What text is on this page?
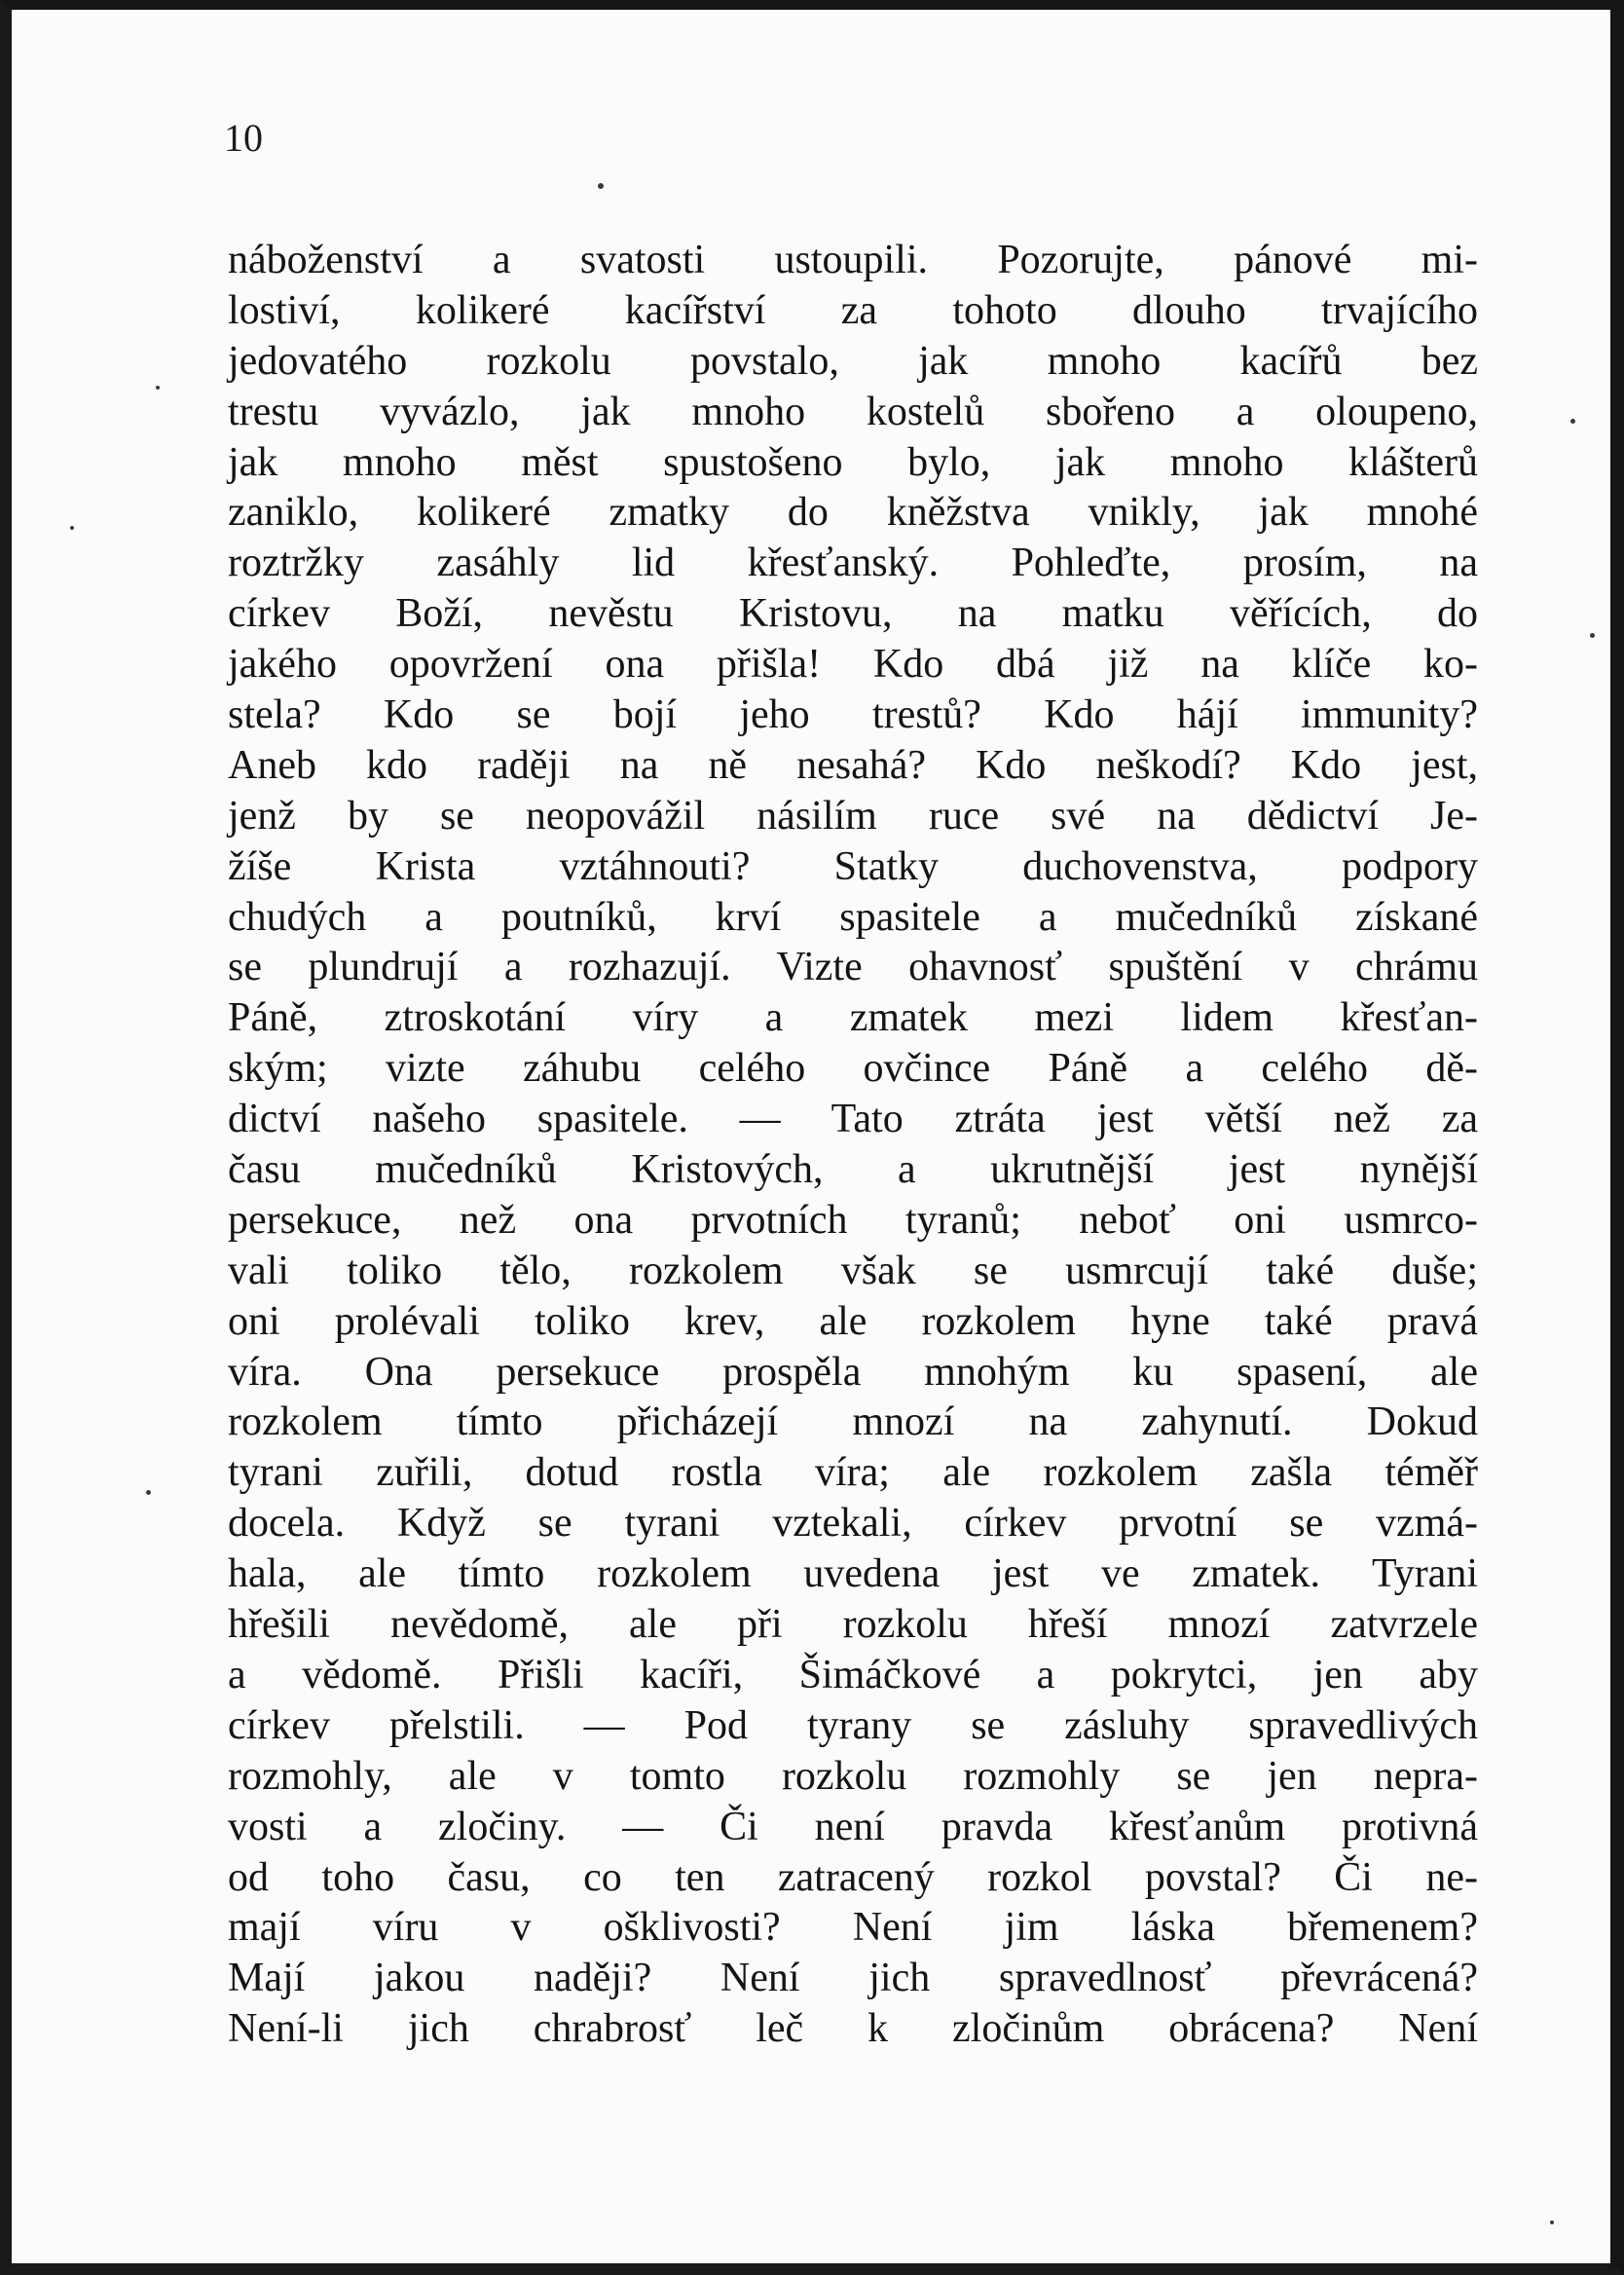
10
náboženství a svatosti ustoupili. Pozorujte, pánové mi-
lostiví, kolikeré kacířství za tohoto dlouho trvajícího
jedovatého rozkolu povstalo, jak mnoho kacířů bez
trestu vyvázlo, jak mnoho kostelů sbořeno a oloupeno,
jak mnoho měst spustošeno bylo, jak mnoho klášterů
zaniklo, kolikeré zmatky do kněžstva vnikly, jak mnohé
roztržky zasáhly lid křesťanský. Pohleďte, prosím, na
církev Boží, nevěstu Kristovu, na matku věřících, do
jakého opovržení ona přišla! Kdo dbá již na klíče ko-
stela? Kdo se bojí jeho trestů? Kdo hájí immunity?
Aneb kdo raději na ně nesahá? Kdo neškodí? Kdo jest,
jenž by se neopovážil násilím ruce své na dědictví Je-
žíše Krista vztáhnouti? Statky duchovenstva, podpory
chudých a poutníků, krví spasitele a mučedníků získané
se plundrují a rozhazují. Vizte ohavnosť spuštění v chrámu
Páně, ztroskotání víry a zmatek mezi lidem křesťan-
ským; vizte záhubu celého ovčince Páně a celého dě-
dictví našeho spasitele. — Tato ztráta jest větší než za
času mučedníků Kristových, a ukrutnější jest nynější
persekuce, než ona prvotních tyranů; neboť oni usmrco-
vali toliko tělo, rozkolem však se usmrcují také duše;
oni prolévali toliko krev, ale rozkolem hyne také pravá
víra. Ona persekuce prospěla mnohým ku spasení, ale
rozkolem tímto přicházejí mnozí na zahynutí. Dokud
tyrani zuřili, dotud rostla víra; ale rozkolem zašla téměř
docela. Když se tyrani vztekali, církev prvotní se vzmá-
hala, ale tímto rozkolem uvedena jest ve zmatek. Tyrani
hřešili nevědomě, ale při rozkolu hřeší mnozí zatvrzele
a vědomě. Přišli kacíři, Šimáčkové a pokrytci, jen aby
církev přelstili. — Pod tyrany se zásluhy spravedlivých
rozmohly, ale v tomto rozkolu rozmohly se jen nepra-
vosti a zločiny. — Či není pravda křesťanům protivná
od toho času, co ten zatracený rozkol povstal? Či ne-
mají víru v ošklivosti? Není jim láska břemenem?
Mají jakou naději? Není jich spravedlnosť převrácená?
Není-li jich chrabrosť leč k zločinům obrácena? Není
